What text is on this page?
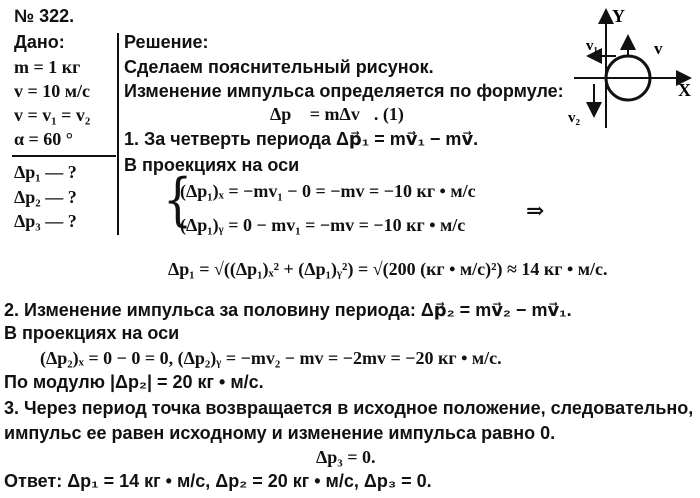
№ 322.
Дано:
m = 1 кг
v = 10 м/с
v = v₁ = v₂
α = 60 °
Δp₁ — ?
Δp₂ — ?
Δp₃ — ?
Решение:
Сделаем пояснительный рисунок.
Изменение импульса определяется по формуле:
Δp⃗ = mΔv⃗. (1)
1. За четверть периода Δp⃗₁ = mv⃗₁ − mv⃗.
В проекциях на оси
{
(Δp₁)ₓ = −mv₁ − 0 = −mv = −10 кг • м/с
(Δp₁)ᵧ = 0 − mv₁ = −mv = −10 кг • м/с
⇒
Δp₁ = √((Δp₁)ₓ² + (Δp₁)ᵧ²) = √(200 (кг • м/с)²) ≈ 14 кг • м/с.
2. Изменение импульса за половину периода: Δp⃗₂ = mv⃗₂ − mv⃗₁.
В проекциях на оси
(Δp₂)ₓ = 0 − 0 = 0, (Δp₂)ᵧ = −mv₂ − mv = −2mv = −20 кг • м/с.
По модулю |Δp₂| = 20 кг • м/с.
3. Через период точка возвращается в исходное положение, следовательно,
импульс ее равен исходному и изменение импульса равно 0.
Δp₃ = 0.
Ответ: Δp₁ = 14 кг • м/с, Δp₂ = 20 кг • м/с, Δp₃ = 0.
Y
X
v
v₁
v₂
